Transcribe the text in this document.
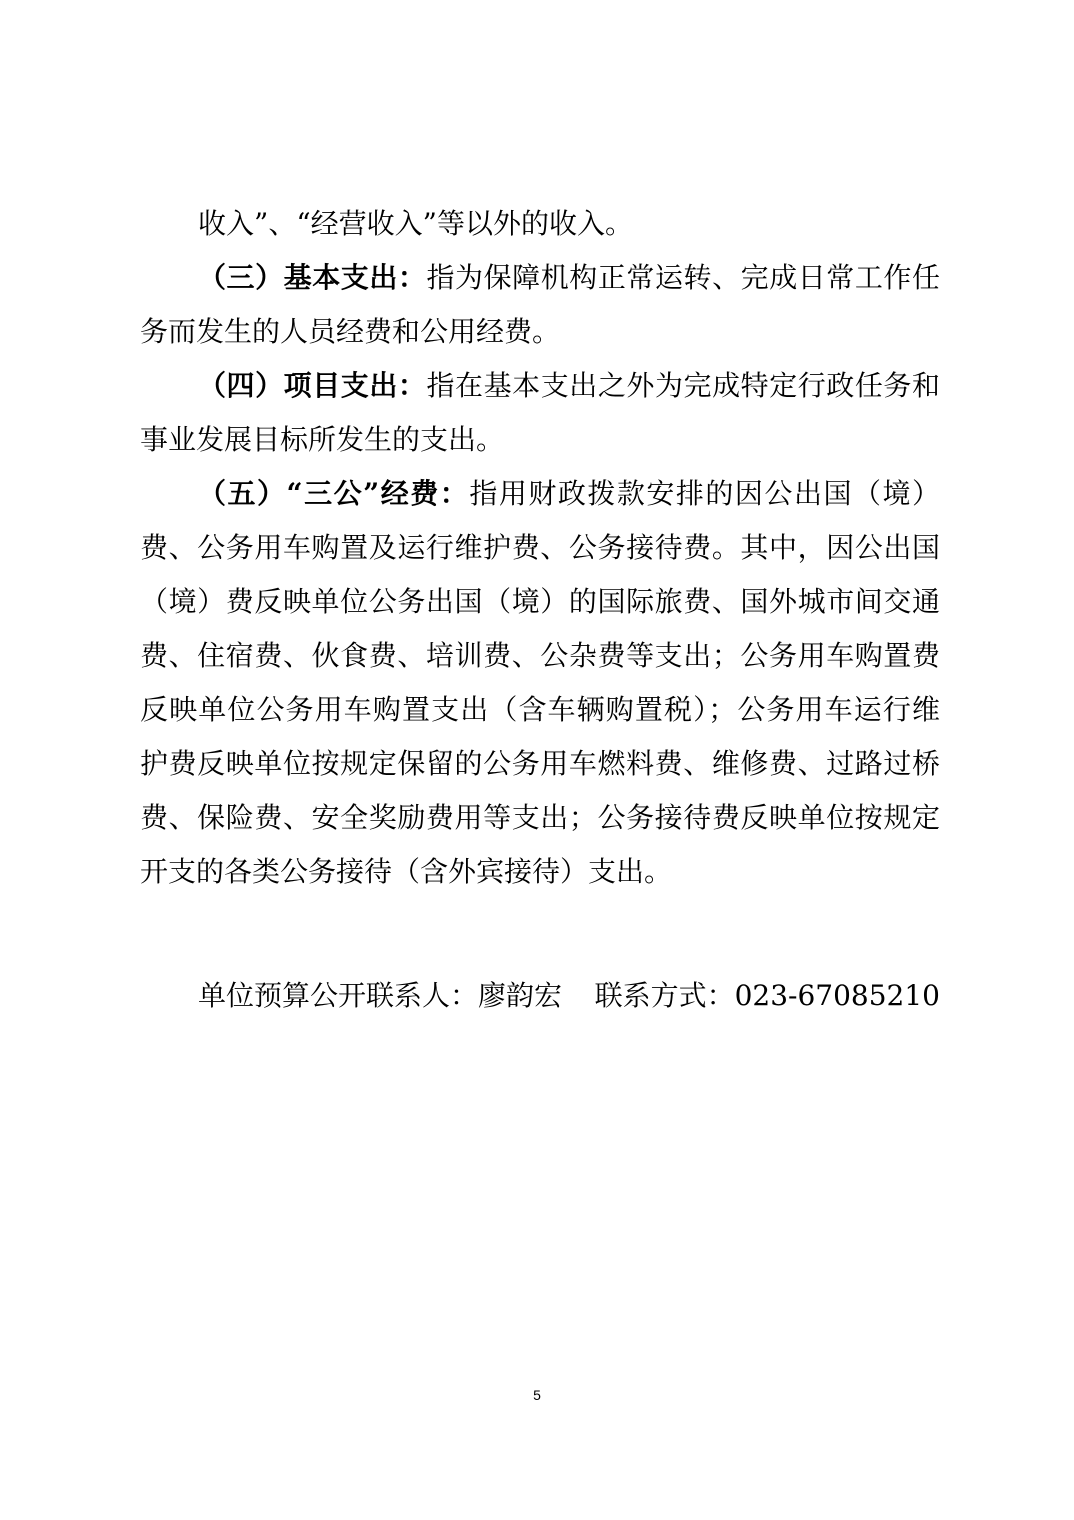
收入”、“经营收入”等以外的收入。
（三）基本支出：指为保障机构正常运转、完成日常工作任
务而发生的人员经费和公用经费。
（四）项目支出：指在基本支出之外为完成特定行政任务和
事业发展目标所发生的支出。
（五）“三公”经费：指用财政拨款安排的因公出国（境）
费、公务用车购置及运行维护费、公务接待费。其中，因公出国
（境）费反映单位公务出国（境）的国际旅费、国外城市间交通
费、住宿费、伙食费、培训费、公杂费等支出；公务用车购置费
反映单位公务用车购置支出（含车辆购置税）；公务用车运行维
护费反映单位按规定保留的公务用车燃料费、维修费、过路过桥
费、保险费、安全奖励费用等支出；公务接待费反映单位按规定
开支的各类公务接待（含外宾接待）支出。
单位预算公开联系人：廖韵宏 联系方式：023-67085210
5
